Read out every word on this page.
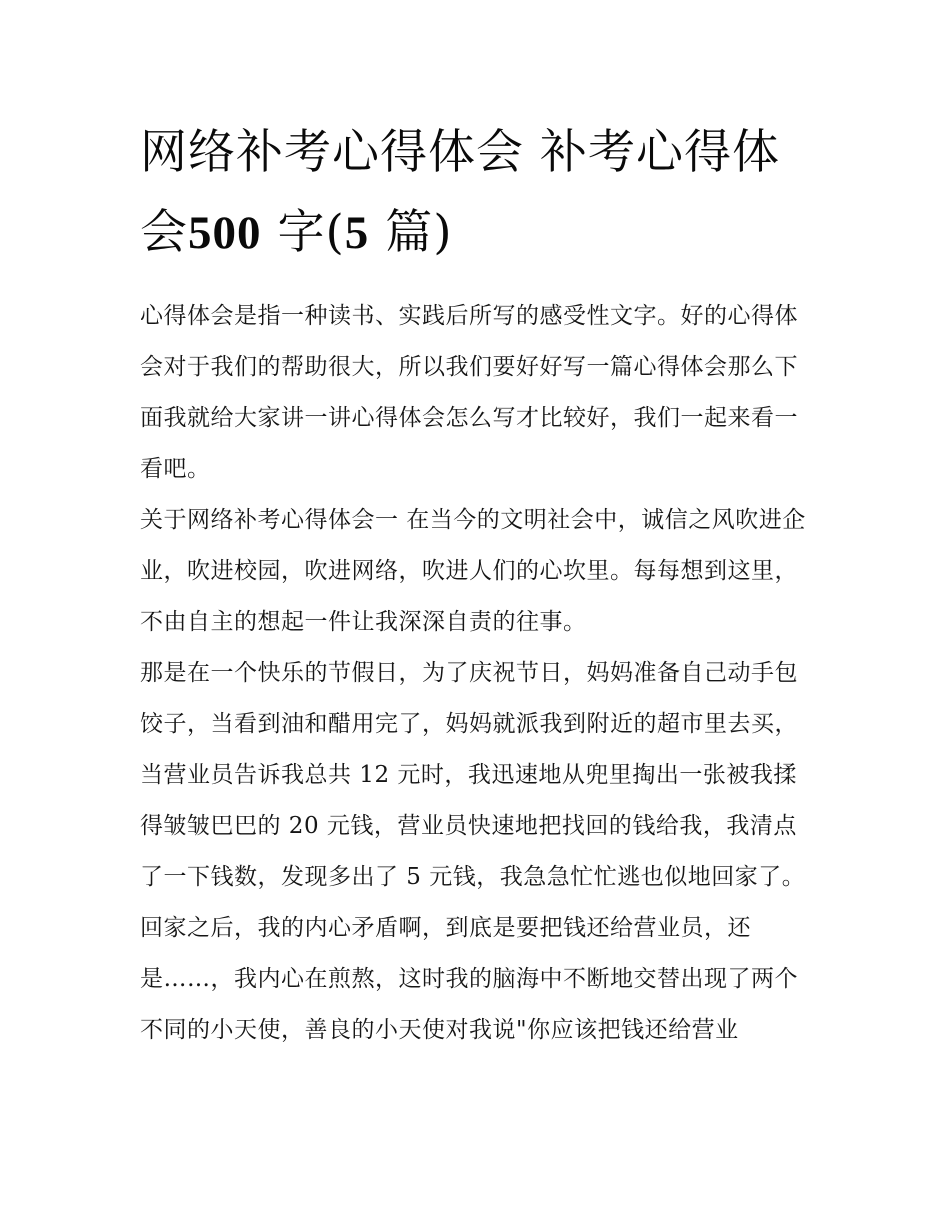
网络补考心得体会 补考心得体会500 字(5 篇)

心得体会是指一种读书、实践后所写的感受性文字。好的心得体会对于我们的帮助很大，所以我们要好好写一篇心得体会那么下面我就给大家讲一讲心得体会怎么写才比较好，我们一起来看一看吧。

关于网络补考心得体会一 在当今的文明社会中，诚信之风吹进企业，吹进校园，吹进网络，吹进人们的心坎里。每每想到这里，不由自主的想起一件让我深深自责的往事。

那是在一个快乐的节假日，为了庆祝节日，妈妈准备自己动手包饺子，当看到油和醋用完了，妈妈就派我到附近的超市里去买，当营业员告诉我总共 12 元时，我迅速地从兜里掏出一张被我揉得皱皱巴巴的 20 元钱，营业员快速地把找回的钱给我，我清点了一下钱数，发现多出了 5 元钱，我急急忙忙逃也似地回家了。

回家之后，我的内心矛盾啊，到底是要把钱还给营业员，还是……，我内心在煎熬，这时我的脑海中不断地交替出现了两个不同的小天使，善良的小天使对我说"你应该把钱还给营业
